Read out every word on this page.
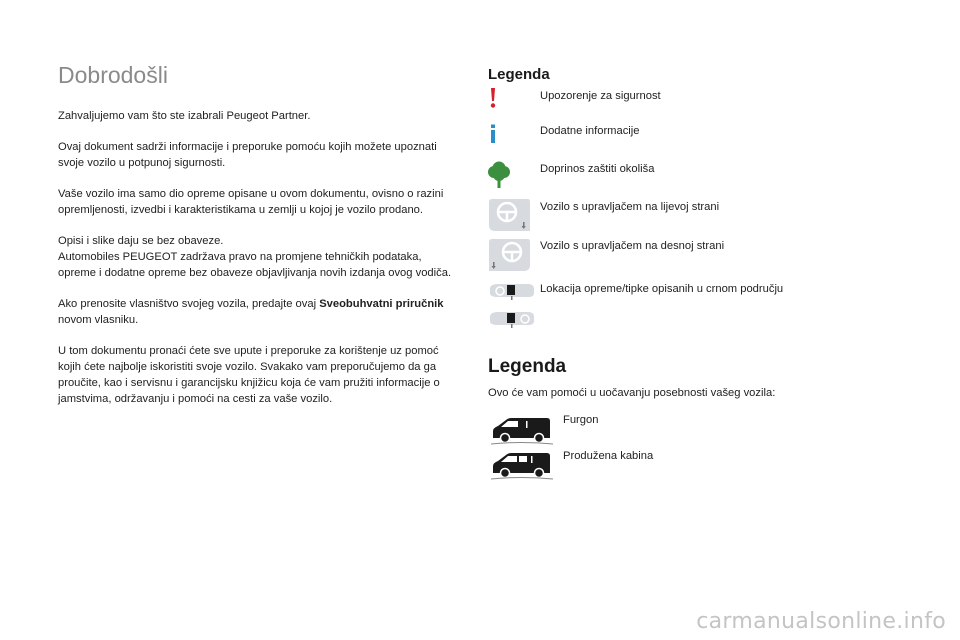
Dobrodošli

Zahvaljujemo vam što ste izabrali Peugeot Partner.

Ovaj dokument sadrži informacije i preporuke pomoću kojih možete upoznati svoje vozilo u potpunoj sigurnosti.

Vaše vozilo ima samo dio opreme opisane u ovom dokumentu, ovisno o razini opremljenosti, izvedbi i karakteristikama u zemlji u kojoj je vozilo prodano.

Opisi i slike daju se bez obaveze.
Automobiles PEUGEOT zadržava pravo na promjene tehničkih podataka, opreme i dodatne opreme bez obaveze objavljivanja novih izdanja ovog vodiča.

Ako prenosite vlasništvo svojeg vozila, predajte ovaj Sveobuhvatni priručnik novom vlasniku.

U tom dokumentu pronaći ćete sve upute i preporuke za korištenje uz pomoć kojih ćete najbolje iskoristiti svoje vozilo. Svakako vam preporučujemo da ga proučite, kao i servisnu i garancijsku knjižicu koja će vam pružiti informacije o jamstvima, održavanju i pomoći na cesti za vaše vozilo.

Legenda
Upozorenje za sigurnost
Dodatne informacije
Doprinos zaštiti okoliša
Vozilo s upravljačem na lijevoj strani
Vozilo s upravljačem na desnoj strani
Lokacija opreme/tipke opisanih u crnom području
Legenda
Ovo će vam pomoći u uočavanju posebnosti vašeg vozila:
Furgon
Produžena kabina
carmanualsonline.info
